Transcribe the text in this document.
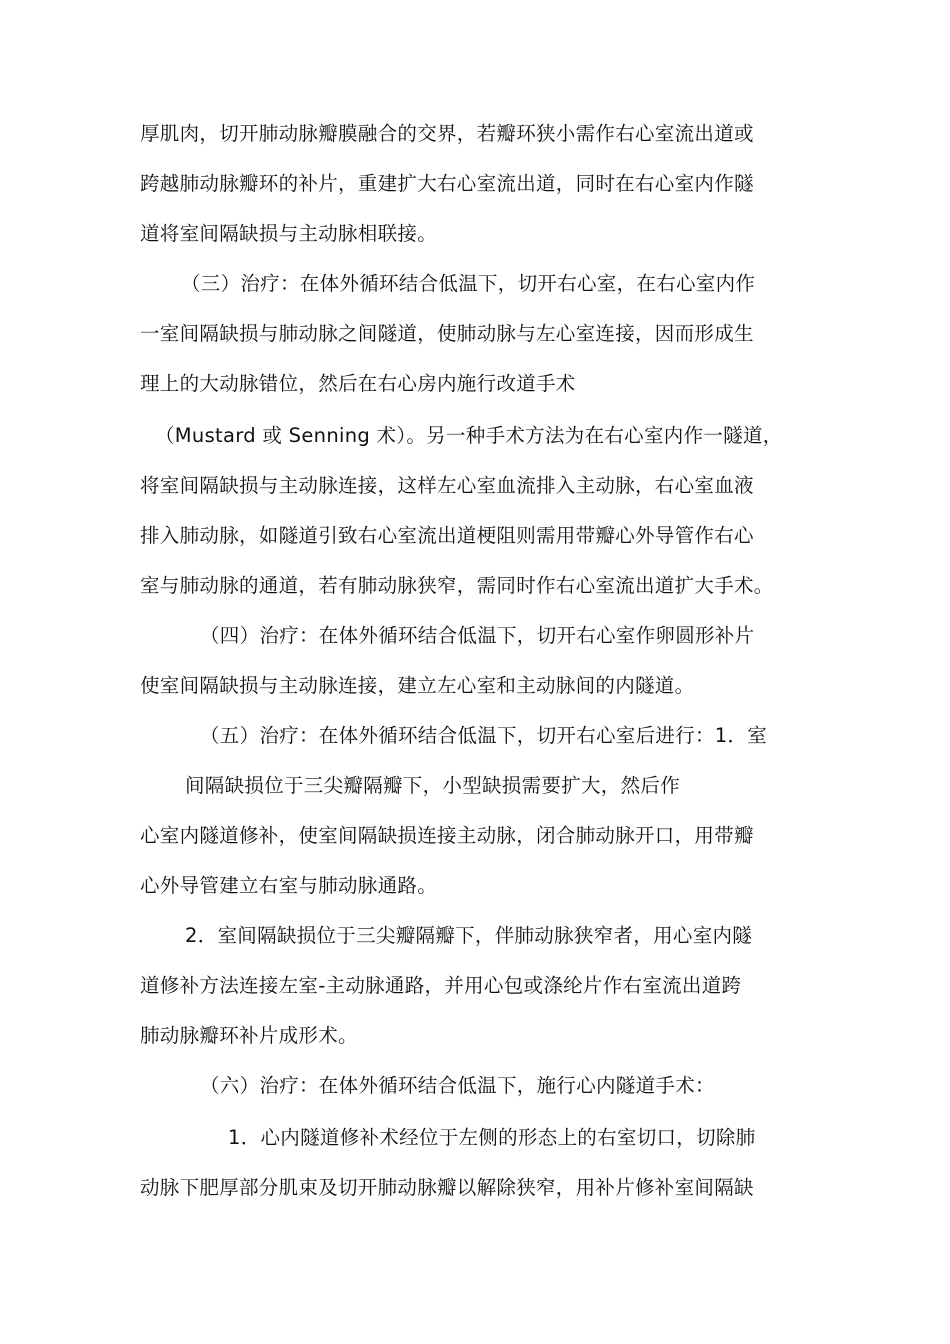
厚肌肉，切开肺动脉瓣膜融合的交界，若瓣环狭小需作右心室流出道或
跨越肺动脉瓣环的补片，重建扩大右心室流出道，同时在右心室内作隧
道将室间隔缺损与主动脉相联接。
（三）治疗：在体外循环结合低温下，切开右心室，在右心室内作
一室间隔缺损与肺动脉之间隧道，使肺动脉与左心室连接，因而形成生
理上的大动脉错位，然后在右心房内施行改道手术
（Mustard 或 Senning 术）。另一种手术方法为在右心室内作一隧道，
将室间隔缺损与主动脉连接，这样左心室血流排入主动脉，右心室血液
排入肺动脉，如隧道引致右心室流出道梗阻则需用带瓣心外导管作右心
室与肺动脉的通道，若有肺动脉狭窄，需同时作右心室流出道扩大手术。
（四）治疗：在体外循环结合低温下，切开右心室作卵圆形补片
使室间隔缺损与主动脉连接，建立左心室和主动脉间的内隧道。
（五）治疗：在体外循环结合低温下，切开右心室后进行：1．室
间隔缺损位于三尖瓣隔瓣下，小型缺损需要扩大，然后作
心室内隧道修补，使室间隔缺损连接主动脉，闭合肺动脉开口，用带瓣
心外导管建立右室与肺动脉通路。
2．室间隔缺损位于三尖瓣隔瓣下，伴肺动脉狭窄者，用心室内隧
道修补方法连接左室-主动脉通路，并用心包或涤纶片作右室流出道跨
肺动脉瓣环补片成形术。
（六）治疗：在体外循环结合低温下，施行心内隧道手术：
1．心内隧道修补术经位于左侧的形态上的右室切口，切除肺
动脉下肥厚部分肌束及切开肺动脉瓣以解除狭窄，用补片修补室间隔缺
